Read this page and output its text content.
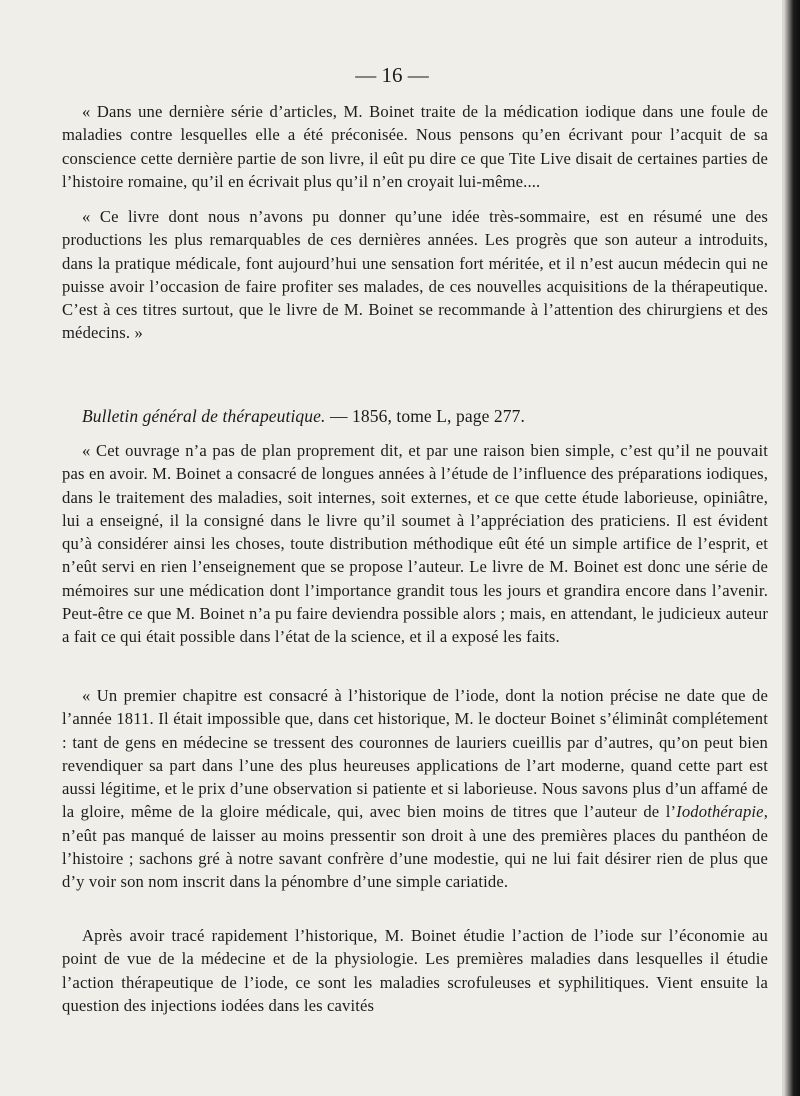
— 16 —

« Dans une dernière série d’articles, M. Boinet traite de la médication iodique dans une foule de maladies contre lesquelles elle a été préconisée. Nous pensons qu’en écrivant pour l’acquit de sa conscience cette dernière partie de son livre, il eût pu dire ce que Tite Live disait de certaines parties de l’histoire romaine, qu’il en écrivait plus qu’il n’en croyait lui-même....

« Ce livre dont nous n’avons pu donner qu’une idée très-sommaire, est en résumé une des productions les plus remarquables de ces dernières années. Les progrès que son auteur a introduits, dans la pratique médicale, font aujourd’hui une sensation fort méritée, et il n’est aucun médecin qui ne puisse avoir l’occasion de faire profiter ses malades, de ces nouvelles acquisitions de la thérapeutique. C’est à ces titres surtout, que le livre de M. Boinet se recommande à l’attention des chirurgiens et des médecins. »

Bulletin général de thérapeutique. — 1856, tome L, page 277.

« Cet ouvrage n’a pas de plan proprement dit, et par une raison bien simple, c’est qu’il ne pouvait pas en avoir. M. Boinet a consacré de longues années à l’étude de l’influence des préparations iodiques, dans le traitement des maladies, soit internes, soit externes, et ce que cette étude laborieuse, opiniâtre, lui a enseigné, il la consigné dans le livre qu’il soumet à l’appréciation des praticiens. Il est évident qu’à considérer ainsi les choses, toute distribution méthodique eût été un simple artifice de l’esprit, et n’eût servi en rien l’enseignement que se propose l’auteur. Le livre de M. Boinet est donc une série de mémoires sur une médication dont l’importance grandit tous les jours et grandira encore dans l’avenir. Peut-être ce que M. Boinet n’a pu faire deviendra possible alors ; mais, en attendant, le judicieux auteur a fait ce qui était possible dans l’état de la science, et il a exposé les faits.

« Un premier chapitre est consacré à l’historique de l’iode, dont la notion précise ne date que de l’année 1811. Il était impossible que, dans cet historique, M. le docteur Boinet s’éliminât complétement : tant de gens en médecine se tressent des couronnes de lauriers cueillis par d’autres, qu’on peut bien revendiquer sa part dans l’une des plus heureuses applications de l’art moderne, quand cette part est aussi légitime, et le prix d’une observation si patiente et si laborieuse. Nous savons plus d’un affamé de la gloire, même de la gloire médicale, qui, avec bien moins de titres que l’auteur de l’Iodothérapie, n’eût pas manqué de laisser au moins pressentir son droit à une des premières places du panthéon de l’histoire ; sachons gré à notre savant confrère d’une modestie, qui ne lui fait désirer rien de plus que d’y voir son nom inscrit dans la pénombre d’une simple cariatide.

Après avoir tracé rapidement l’historique, M. Boinet étudie l’action de l’iode sur l’économie au point de vue de la médecine et de la physiologie. Les premières maladies dans lesquelles il étudie l’action thérapeutique de l’iode, ce sont les maladies scrofuleuses et syphilitiques. Vient ensuite la question des injections iodées dans les cavités
